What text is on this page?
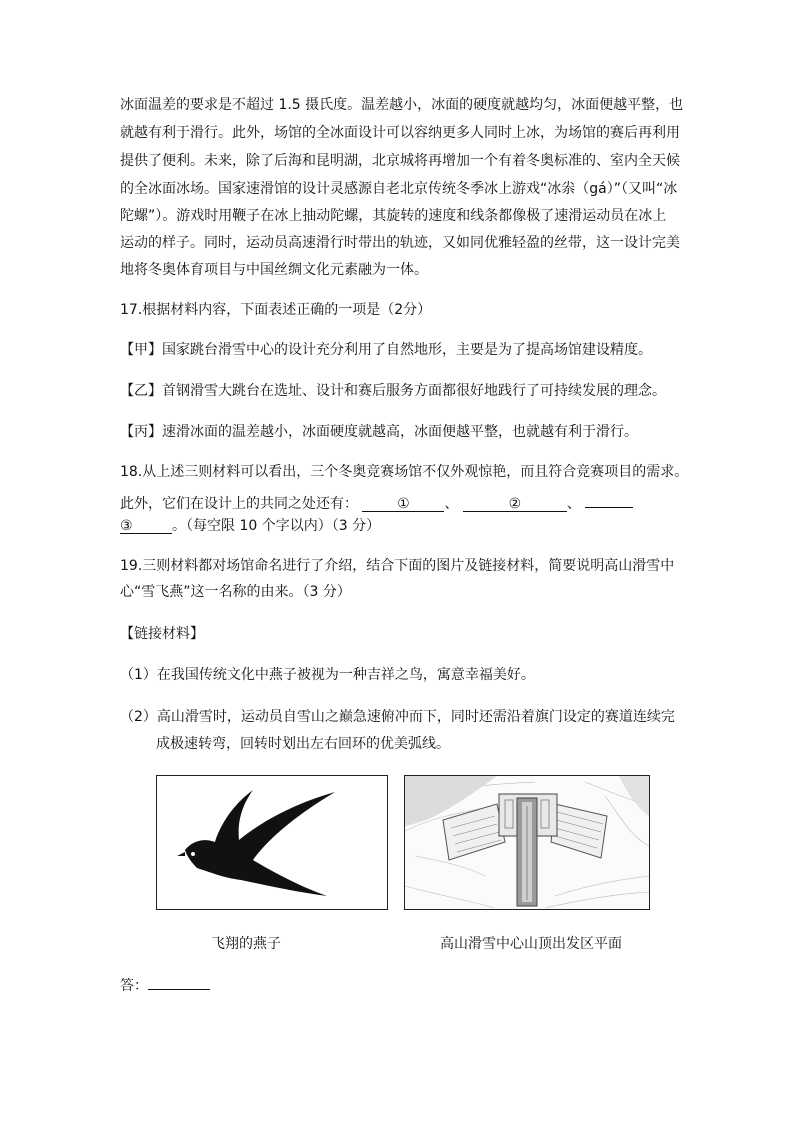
冰面温差的要求是不超过 1.5 摄氏度。温差越小，冰面的硬度就越均匀，冰面便越平整，也
就越有利于滑行。此外，场馆的全冰面设计可以容纳更多人同时上冰，为场馆的赛后再利用
提供了便利。未来，除了后海和昆明湖，北京城将再增加一个有着冬奥标准的、室内全天候
的全冰面冰场。国家速滑馆的设计灵感源自老北京传统冬季冰上游戏“冰尜（gá）”（又叫“冰
陀螺”）。游戏时用鞭子在冰上抽动陀螺，其旋转的速度和线条都像极了速滑运动员在冰上
运动的样子。同时，运动员高速滑行时带出的轨迹，又如同优雅轻盈的丝带，这一设计完美
地将冬奥体育项目与中国丝绸文化元素融为一体。
17.根据材料内容，下面表述正确的一项是（2分）
【甲】国家跳台滑雪中心的设计充分利用了自然地形，主要是为了提高场馆建设精度。
【乙】首钢滑雪大跳台在选址、设计和赛后服务方面都很好地践行了可持续发展的理念。
【丙】速滑冰面的温差越小，冰面硬度就越高，冰面便越平整，也就越有利于滑行。
18.从上述三则材料可以看出，三个冬奥竞赛场馆不仅外观惊艳，而且符合竞赛项目的需求。
此外，它们在设计上的共同之处还有：	① 、	②	、
③	。（每空限 10 个字以内）（3 分）
19.三则材料都对场馆命名进行了介绍，结合下面的图片及链接材料，简要说明高山滑雪中
心“雪飞燕”这一名称的由来。（3 分）
【链接材料】
（1）在我国传统文化中燕子被视为一种吉祥之鸟，寓意幸福美好。
（2）高山滑雪时，运动员自雪山之巅急速俯冲而下，同时还需沿着旗门设定的赛道连续完
成极速转弯，回转时划出左右回环的优美弧线。
飞翔的燕子	高山滑雪中心山顶出发区平面
答：
